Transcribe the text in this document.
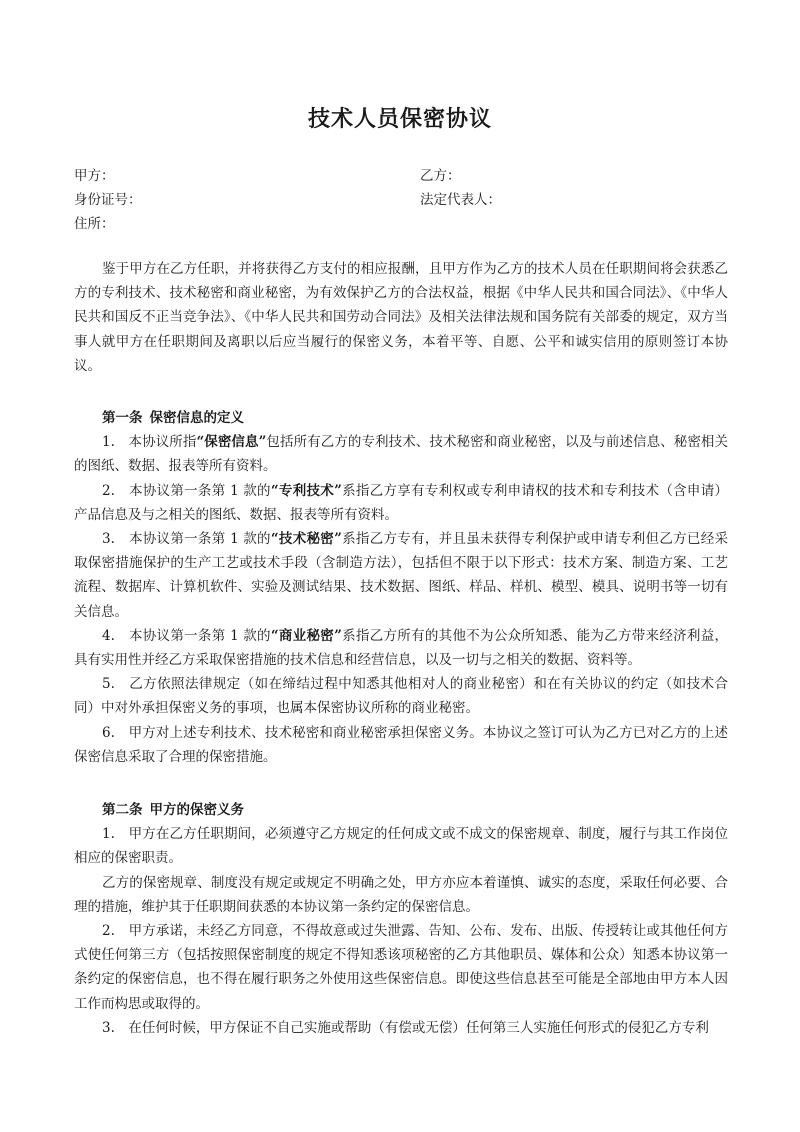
技术人员保密协议
甲方：	乙方：
身份证号：	法定代表人：
住所：

鉴于甲方在乙方任职，并将获得乙方支付的相应报酬，且甲方作为乙方的技术人员在任职期间将会获悉乙方的专利技术、技术秘密和商业秘密，为有效保护乙方的合法权益，根据《中华人民共和国合同法》、《中华人民共和国反不正当竞争法》、《中华人民共和国劳动合同法》及相关法律法规和国务院有关部委的规定，双方当事人就甲方在任职期间及离职以后应当履行的保密义务，本着平等、自愿、公平和诚实信用的原则签订本协议。

第一条 保密信息的定义

1.　本协议所指“保密信息”包括所有乙方的专利技术、技术秘密和商业秘密，以及与前述信息、秘密相关的图纸、数据、报表等所有资料。

2.　本协议第一条第 1 款的“专利技术”系指乙方享有专利权或专利申请权的技术和专利技术（含申请）产品信息及与之相关的图纸、数据、报表等所有资料。

3.　本协议第一条第 1 款的“技术秘密”系指乙方专有，并且虽未获得专利保护或申请专利但乙方已经采取保密措施保护的生产工艺或技术手段（含制造方法），包括但不限于以下形式：技术方案、制造方案、工艺流程、数据库、计算机软件、实验及测试结果、技术数据、图纸、样品、样机、模型、模具、说明书等一切有关信息。

4.　本协议第一条第 1 款的“商业秘密”系指乙方所有的其他不为公众所知悉、能为乙方带来经济利益，具有实用性并经乙方采取保密措施的技术信息和经营信息，以及一切与之相关的数据、资料等。

5.　乙方依照法律规定（如在缔结过程中知悉其他相对人的商业秘密）和在有关协议的约定（如技术合同）中对外承担保密义务的事项，也属本保密协议所称的商业秘密。

6.　甲方对上述专利技术、技术秘密和商业秘密承担保密义务。本协议之签订可认为乙方已对乙方的上述保密信息采取了合理的保密措施。

第二条 甲方的保密义务

1.　甲方在乙方任职期间，必须遵守乙方规定的任何成文或不成文的保密规章、制度，履行与其工作岗位相应的保密职责。

乙方的保密规章、制度没有规定或规定不明确之处，甲方亦应本着谨慎、诚实的态度，采取任何必要、合理的措施，维护其于任职期间获悉的本协议第一条约定的保密信息。

2.　甲方承诺，未经乙方同意，不得故意或过失泄露、告知、公布、发布、出版、传授转让或其他任何方式使任何第三方（包括按照保密制度的规定不得知悉该项秘密的乙方其他职员、媒体和公众）知悉本协议第一条约定的保密信息，也不得在履行职务之外使用这些保密信息。即使这些信息甚至可能是全部地由甲方本人因工作而构思或取得的。

3.　在任何时候，甲方保证不自己实施或帮助（有偿或无偿）任何第三人实施任何形式的侵犯乙方专利
